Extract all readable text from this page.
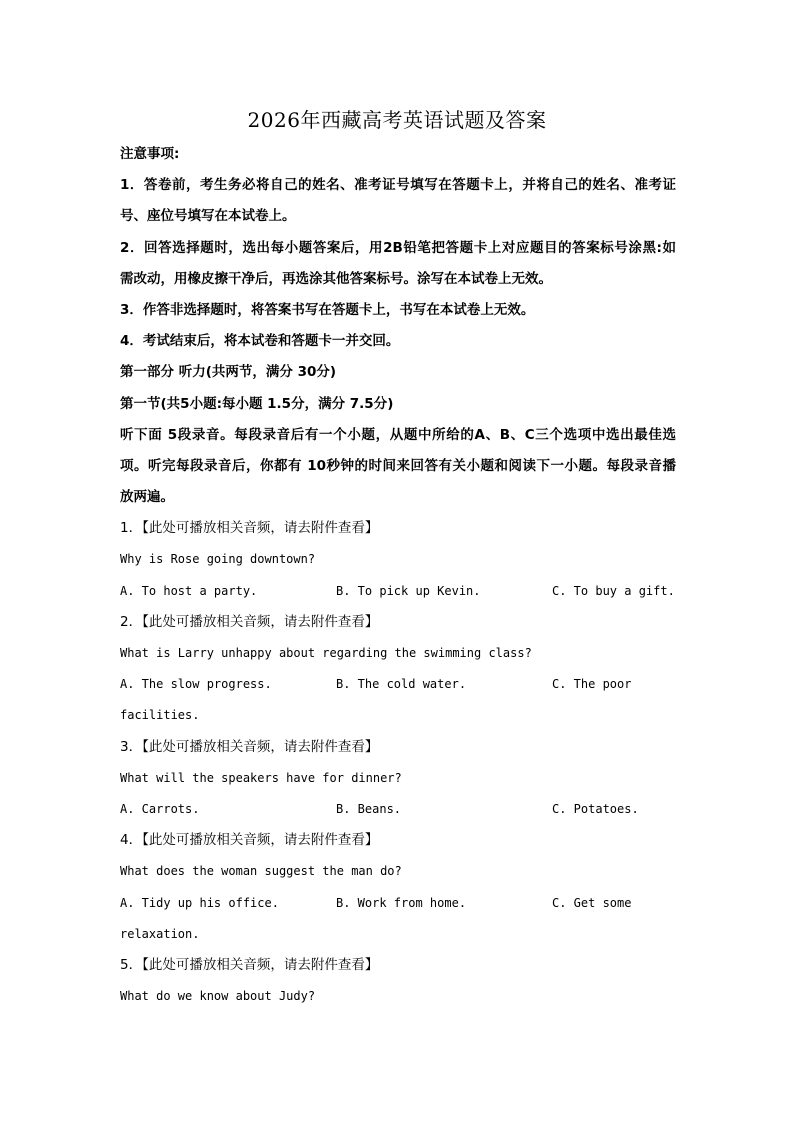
2026年西藏高考英语试题及答案
注意事项:
1．答卷前，考生务必将自己的姓名、准考证号填写在答题卡上，并将自己的姓名、准考证
号、座位号填写在本试卷上。
2．回答选择题时，选出每小题答案后，用2B铅笔把答题卡上对应题目的答案标号涂黑:如
需改动，用橡皮擦干净后，再选涂其他答案标号。涂写在本试卷上无效。
3．作答非选择题时，将答案书写在答题卡上，书写在本试卷上无效。
4．考试结束后，将本试卷和答题卡一并交回。
第一部分 听力(共两节，满分 30分)
第一节(共5小题:每小题 1.5分，满分 7.5分)
听下面 5段录音。每段录音后有一个小题，从题中所给的A、B、C三个选项中选出最佳选
项。听完每段录音后，你都有 10秒钟的时间来回答有关小题和阅读下一小题。每段录音播
放两遍。
1．【此处可播放相关音频，请去附件查看】
Why is Rose going downtown?
A. To host a party.	B. To pick up Kevin.	C. To buy a gift.
2．【此处可播放相关音频，请去附件查看】
What is Larry unhappy about regarding the swimming class?
A. The slow progress.	B. The cold water.	C. The poor
facilities.
3．【此处可播放相关音频，请去附件查看】
What will the speakers have for dinner?
A. Carrots.	B. Beans.	C. Potatoes.
4．【此处可播放相关音频，请去附件查看】
What does the woman suggest the man do?
A. Tidy up his office.	B. Work from home.	C. Get some
relaxation.
5．【此处可播放相关音频，请去附件查看】
What do we know about Judy?
